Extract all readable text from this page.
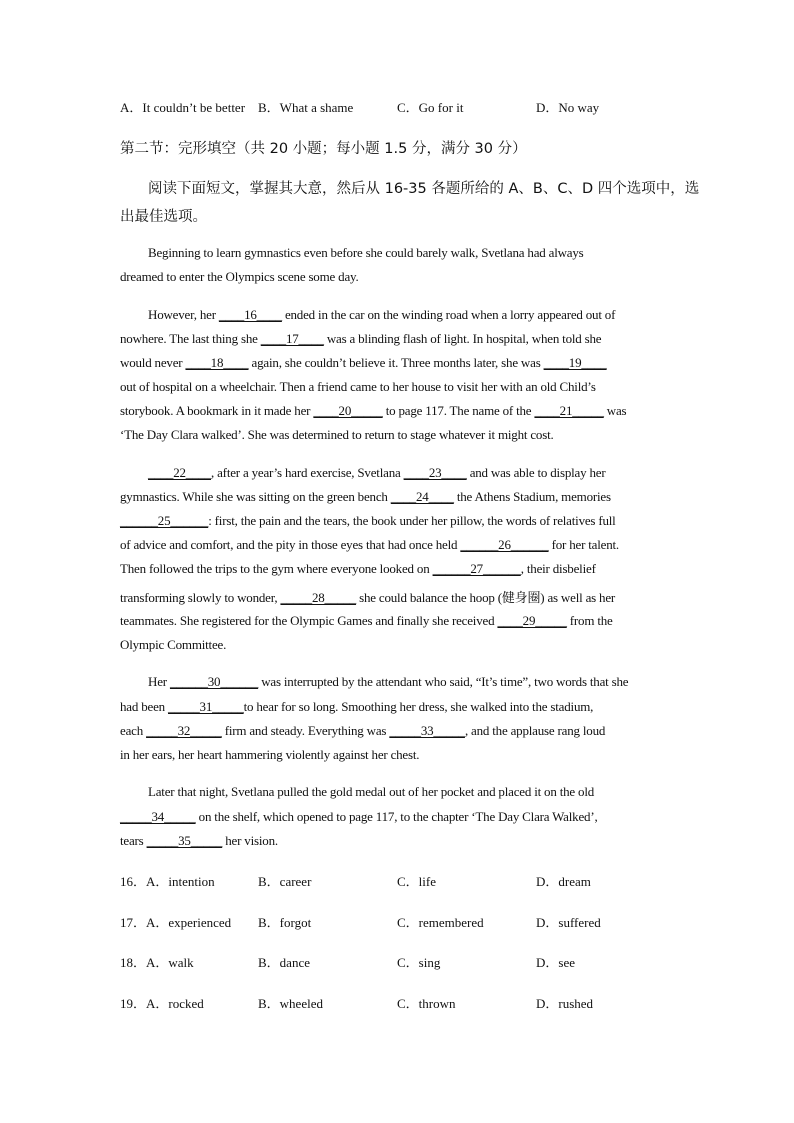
A．It couldn’t be better B．What a shame	C．Go for it	D．No way
第二节：完形填空（共 20 小题；每小题 1.5 分，满分 30 分）
阅读下面短文，掌握其大意，然后从 16-35 各题所给的 A、B、C、D 四个选项中，选
出最佳选项。
Beginning to learn gymnastics even before she could barely walk, Svetlana had always
dreamed to enter the Olympics scene some day.
However, her ____16____ ended in the car on the winding road when a lorry appeared out of
nowhere. The last thing she ____17____ was a blinding flash of light. In hospital, when told she
would never ____18____ again, she couldn’t believe it. Three months later, she was ____19____
out of hospital on a wheelchair. Then a friend came to her house to visit her with an old Child’s
storybook. A bookmark in it made her ____20_____ to page 117. The name of the ____21_____ was
‘The Day Clara walked’. She was determined to return to stage whatever it might cost.
____22____, after a year’s hard exercise, Svetlana ____23____ and was able to display her
gymnastics. While she was sitting on the green bench ____24____ the Athens Stadium, memories
______25______: first, the pain and the tears, the book under her pillow, the words of relatives full
of advice and comfort, and the pity in those eyes that had once held ______26______ for her talent.
Then followed the trips to the gym where everyone looked on ______27______, their disbelief
transforming slowly to wonder, _____28_____ she could balance the hoop (健身圈) as well as her
teammates. She registered for the Olympic Games and finally she received ____29_____ from the
Olympic Committee.
Her ______30______ was interrupted by the attendant who said, “It’s time”, two words that she
had been _____31_____to hear for so long. Smoothing her dress, she walked into the stadium,
each _____32_____ firm and steady. Everything was _____33_____, and the applause rang loud
in her ears, her heart hammering violently against her chest.
Later that night, Svetlana pulled the gold medal out of her pocket and placed it on the old
_____34_____ on the shelf, which opened to page 117, to the chapter ‘The Day Clara Walked’,
tears _____35_____ her vision.
16．A．intention	B．career	C．life	D．dream
17．A．experienced B．forgot	C．remembered	D．suffered
18．A．walk	B．dance	C．sing	D．see
19．A．rocked	B．wheeled	C．thrown	D．rushed
